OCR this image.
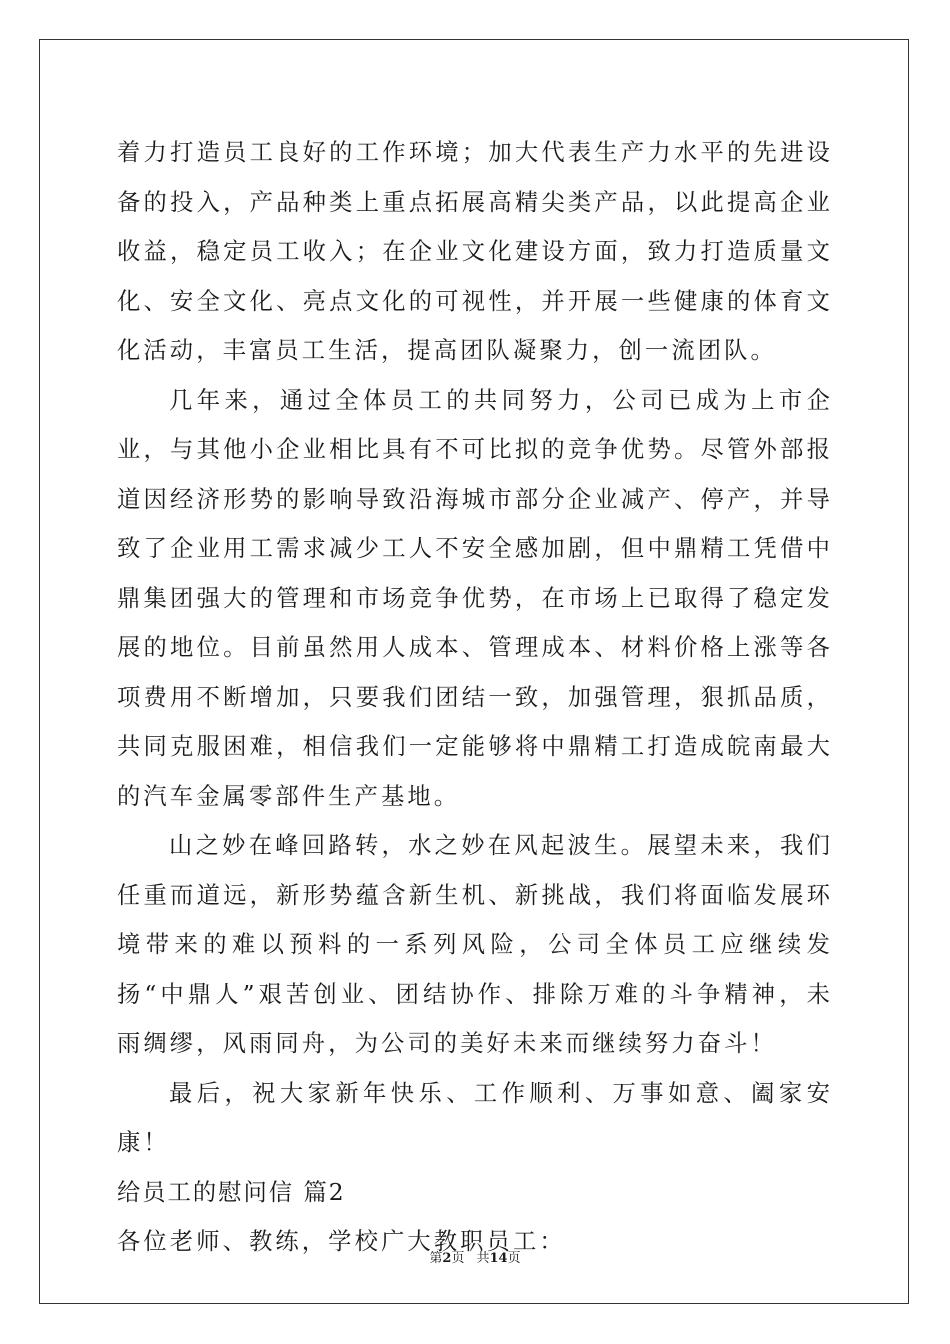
着力打造员工良好的工作环境；加大代表生产力水平的先进设备的投入，产品种类上重点拓展高精尖类产品，以此提高企业收益，稳定员工收入；在企业文化建设方面，致力打造质量文化、安全文化、亮点文化的可视性，并开展一些健康的体育文化活动，丰富员工生活，提高团队凝聚力，创一流团队。

几年来，通过全体员工的共同努力，公司已成为上市企业，与其他小企业相比具有不可比拟的竞争优势。尽管外部报道因经济形势的影响导致沿海城市部分企业减产、停产，并导致了企业用工需求减少工人不安全感加剧，但中鼎精工凭借中鼎集团强大的管理和市场竞争优势，在市场上已取得了稳定发展的地位。目前虽然用人成本、管理成本、材料价格上涨等各项费用不断增加，只要我们团结一致，加强管理，狠抓品质，共同克服困难，相信我们一定能够将中鼎精工打造成皖南最大的汽车金属零部件生产基地。

山之妙在峰回路转，水之妙在风起波生。展望未来，我们任重而道远，新形势蕴含新生机、新挑战，我们将面临发展环境带来的难以预料的一系列风险，公司全体员工应继续发扬“中鼎人”艰苦创业、团结协作、排除万难的斗争精神，未雨绸缪，风雨同舟，为公司的美好未来而继续努力奋斗！

最后，祝大家新年快乐、工作顺利、万事如意、阖家安康！

给员工的慰问信 篇2

各位老师、教练，学校广大教职员工：

第2页 共14页
